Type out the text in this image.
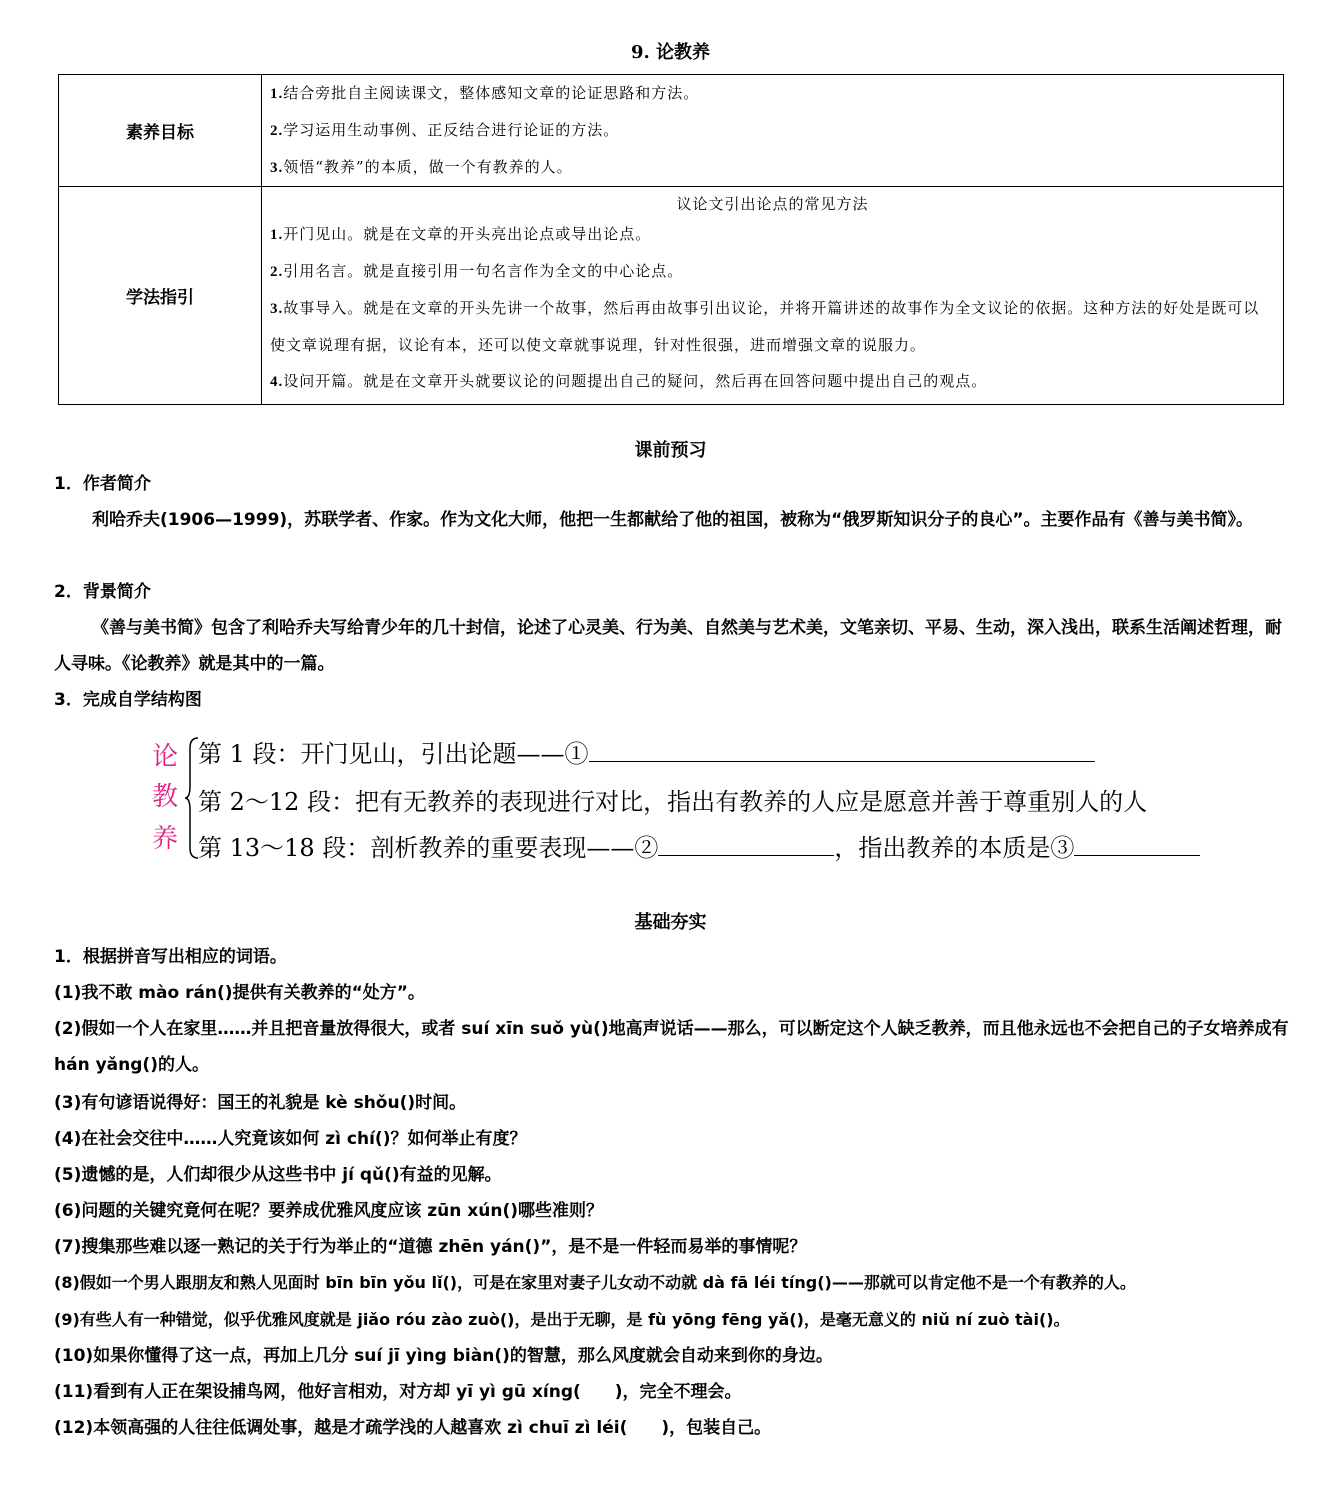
9. 论教养
素养目标	1.结合旁批自主阅读课文，整体感知文章的论证思路和方法。
2.学习运用生动事例、正反结合进行论证的方法。
3.领悟“教养”的本质，做一个有教养的人。

学法指引	议论文引出论点的常见方法
1.开门见山。就是在文章的开头亮出论点或导出论点。
2.引用名言。就是直接引用一句名言作为全文的中心论点。
3.故事导入。就是在文章的开头先讲一个故事，然后再由故事引出议论，并将开篇讲述的故事作为全文议论的依据。这种方法的好处是既可以使文章说理有据，议论有本，还可以使文章就事说理，针对性很强，进而增强文章的说服力。
4.设问开篇。就是在文章开头就要议论的问题提出自己的疑问，然后再在回答问题中提出自己的观点。
课前预习
1．作者简介
利哈乔夫(1906—1999)，苏联学者、作家。作为文化大师，他把一生都献给了他的祖国，被称为“俄罗斯知识分子的良心”。主要作品有《善与美书简》。
2．背景简介
《善与美书简》包含了利哈乔夫写给青少年的几十封信，论述了心灵美、行为美、自然美与艺术美，文笔亲切、平易、生动，深入浅出，联系生活阐述哲理，耐人寻味。《论教养》就是其中的一篇。
3．完成自学结构图
论
教
养
第 1 段：开门见山，引出论题——①
第 2～12 段：把有无教养的表现进行对比，指出有教养的人应是愿意并善于尊重别人的人
第 13～18 段：剖析教养的重要表现——②	，指出教养的本质是③
基础夯实
1．根据拼音写出相应的词语。
(1)我不敢 mào rán()提供有关教养的“处方”。
(2)假如一个人在家里……并且把音量放得很大，或者 suí xīn suǒ yù()地高声说话——那么，可以断定这个人缺乏教养，而且他永远也不会把自己的子女培养成有 hán yǎng()的人。
(3)有句谚语说得好：国王的礼貌是 kè shǒu()时间。
(4)在社会交往中……人究竟该如何 zì chí()？如何举止有度？
(5)遗憾的是，人们却很少从这些书中 jí qǔ()有益的见解。
(6)问题的关键究竟何在呢？要养成优雅风度应该 zūn xún()哪些准则？
(7)搜集那些难以逐一熟记的关于行为举止的“道德 zhēn yán()”，是不是一件轻而易举的事情呢？
(8)假如一个男人跟朋友和熟人见面时 bīn bīn yǒu lǐ()，可是在家里对妻子儿女动不动就 dà fā léi tíng()——那就可以肯定他不是一个有教养的人。
(9)有些人有一种错觉，似乎优雅风度就是 jiǎo róu zào zuò()，是出于无聊，是 fù yōng fēng yǎ()，是毫无意义的 niǔ ní zuò tài()。
(10)如果你懂得了这一点，再加上几分 suí jī yìng biàn()的智慧，那么风度就会自动来到你的身边。
(11)看到有人正在架设捕鸟网，他好言相劝，对方却 yī yì gū xíng(　　)，完全不理会。
(12)本领高强的人往往低调处事，越是才疏学浅的人越喜欢 zì chuī zì léi(　　)，包装自己。
